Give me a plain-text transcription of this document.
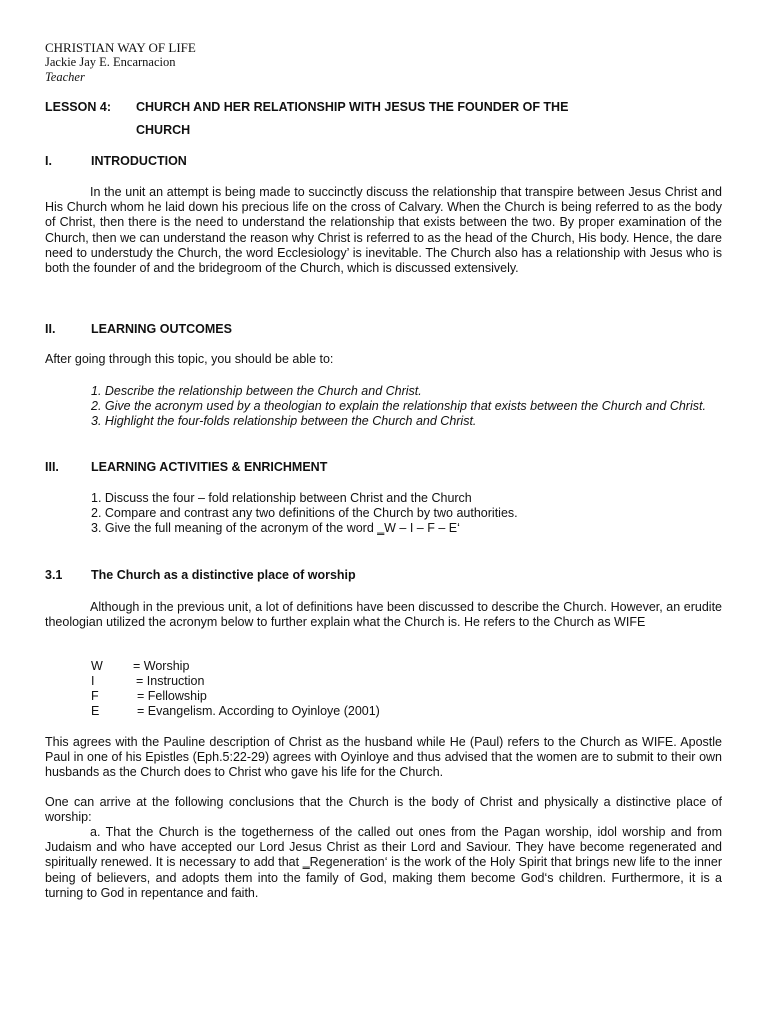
CHRISTIAN WAY OF LIFE
Jackie Jay E. Encarnacion
Teacher
LESSON 4: CHURCH AND HER RELATIONSHIP WITH JESUS THE FOUNDER OF THE
CHURCH
I.	INTRODUCTION
In the unit an attempt is being made to succinctly discuss the relationship that transpire between Jesus Christ and His Church whom he laid down his precious life on the cross of Calvary. When the Church is being referred to as the body of Christ, then there is the need to understand the relationship that exists between the two. By proper examination of the Church, then we can understand the reason why Christ is referred to as the head of the Church, His body. Hence, the dare need to understudy the Church, the word Ecclesiology’ is inevitable. The Church also has a relationship with Jesus who is both the founder of and the bridegroom of the Church, which is discussed extensively.
II.	LEARNING OUTCOMES
After going through this topic, you should be able to:
1. Describe the relationship between the Church and Christ.
2. Give the acronym used by a theologian to explain the relationship that exists between the Church and Christ.
3. Highlight the four-folds relationship between the Church and Christ.
III.	LEARNING ACTIVITIES & ENRICHMENT
1. Discuss the four – fold relationship between Christ and the Church
2. Compare and contrast any two definitions of the Church by two authorities.
3. Give the full meaning of the acronym of the word ‗W – I – F – E‘
3.1 The Church as a distinctive place of worship
Although in the previous unit, a lot of definitions have been discussed to describe the Church. However, an erudite theologian utilized the acronym below to further explain what the Church is. He refers to the Church as WIFE
W = Worship
I	= Instruction
F	= Fellowship
E	= Evangelism. According to Oyinloye (2001)
This agrees with the Pauline description of Christ as the husband while He (Paul) refers to the Church as WIFE. Apostle Paul in one of his Epistles (Eph.5:22-29) agrees with Oyinloye and thus advised that the women are to submit to their own husbands as the Church does to Christ who gave his life for the Church.
One can arrive at the following conclusions that the Church is the body of Christ and physically a distinctive place of worship:
a. That the Church is the togetherness of the called out ones from the Pagan worship, idol worship and from Judaism and who have accepted our Lord Jesus Christ as their Lord and Saviour. They have become regenerated and spiritually renewed. It is necessary to add that ‗Regeneration‘ is the work of the Holy Spirit that brings new life to the inner being of believers, and adopts them into the family of God, making them become God‘s children. Furthermore, it is a turning to God in repentance and faith.
